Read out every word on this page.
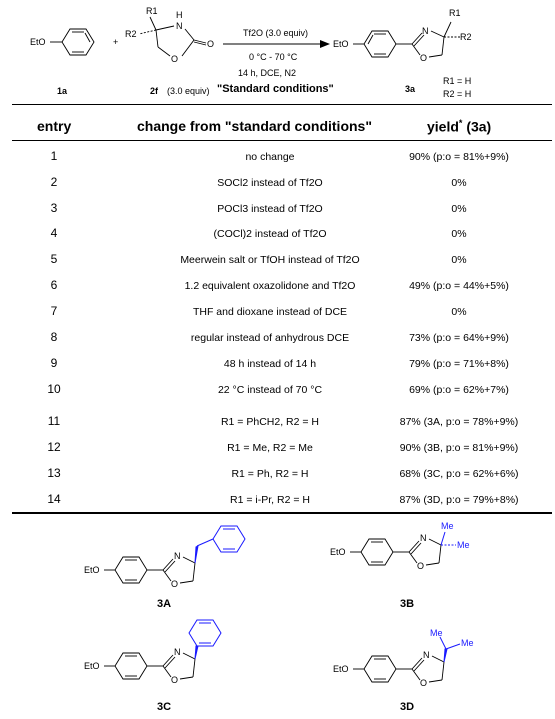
EtO
1a
+
R1
R2
N
H
O
O
2f (3.0 equiv)
Tf2O (3.0 equiv)
0 °C - 70 °C
14 h, DCE, N2
"Standard conditions"
EtO
N
O
R1
R2
3a
R1 = H
R2 = H
EtO
N
O
3A
EtO
N
O
Me
Me
3B
EtO
N
O
3C
EtO
N
O
Me
Me
3D
entry	change from "standard conditions"	yield* (3a)
1	no change	90% (p:o = 81%+9%)
2	SOCl2 instead of Tf2O	0%
3	POCl3 instead of Tf2O	0%
4	(COCl)2 instead of Tf2O	0%
5	Meerwein salt or TfOH instead of Tf2O	0%
6	1.2 equivalent oxazolidone and Tf2O	49% (p:o = 44%+5%)
7	THF and dioxane instead of DCE	0%
8	regular instead of anhydrous DCE	73% (p:o = 64%+9%)
9	48 h instead of 14 h	79% (p:o = 71%+8%)
10	22 °C instead of 70 °C	69% (p:o = 62%+7%)
11	R1 = PhCH2, R2 = H	87% (3A, p:o = 78%+9%)
12	R1 = Me, R2 = Me	90% (3B, p:o = 81%+9%)
13	R1 = Ph, R2 = H	68% (3C, p:o = 62%+6%)
14	R1 = i-Pr, R2 = H	87% (3D, p:o = 79%+8%)
